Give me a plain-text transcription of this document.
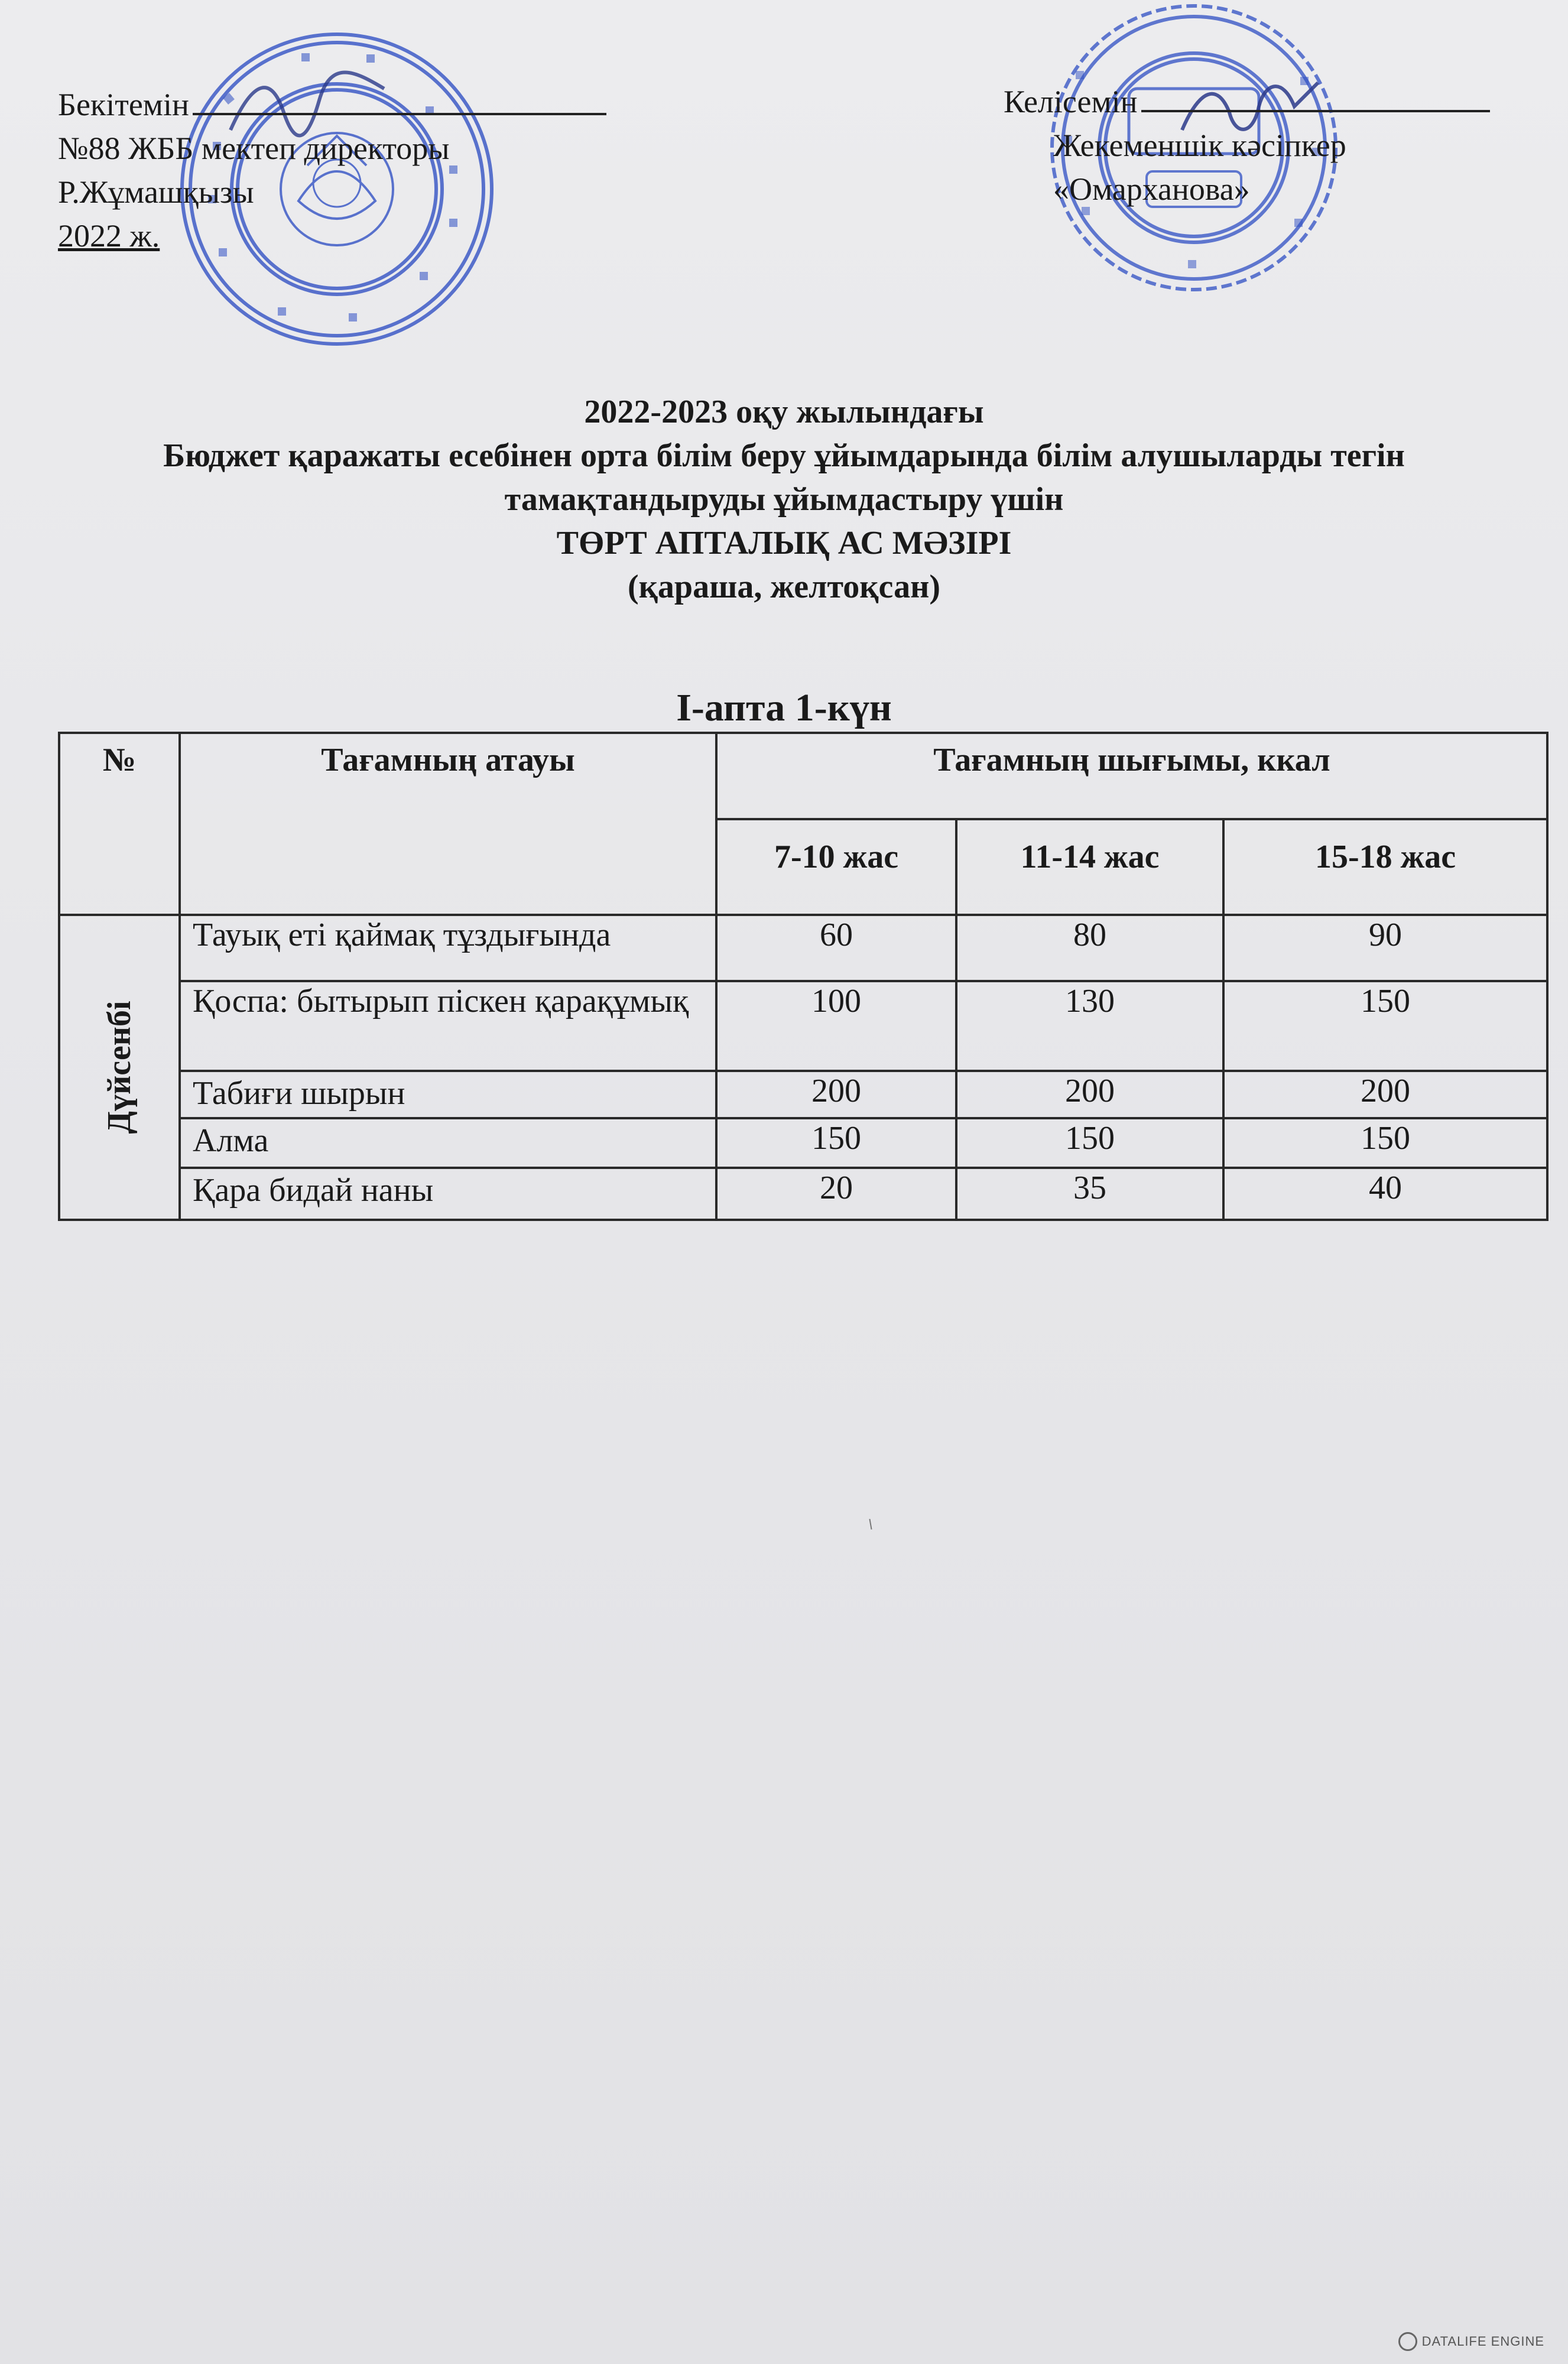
Бекітемін
№88 ЖББ мектеп директоры
Р.Жұмашқызы
2022 ж.
Келісемін
Жекеменшік кәсіпкер
«Омарханова»
2022-2023 оқу жылындағы
Бюджет қаражаты есебінен орта білім беру ұйымдарында білім алушыларды тегін
тамақтандыруды ұйымдастыру үшін
ТӨРТ АПТАЛЫҚ АС МӘЗІРІ
(қараша, желтоқсан)
І-апта 1-күн
№	Тағамның атауы	Тағамның шығымы, ккал		
		7-10 жас	11-14 жас	15-18 жас

Дүйсенбі	Тауық еті қаймақ тұздығында	60	80	90
	Қоспа: бытырып піскен қарақұмық	100	130	150
	Табиғи шырын	200	200	200
	Алма	150	150	150
	Қара бидай наны	20	35	40
DATALIFE ENGINE
